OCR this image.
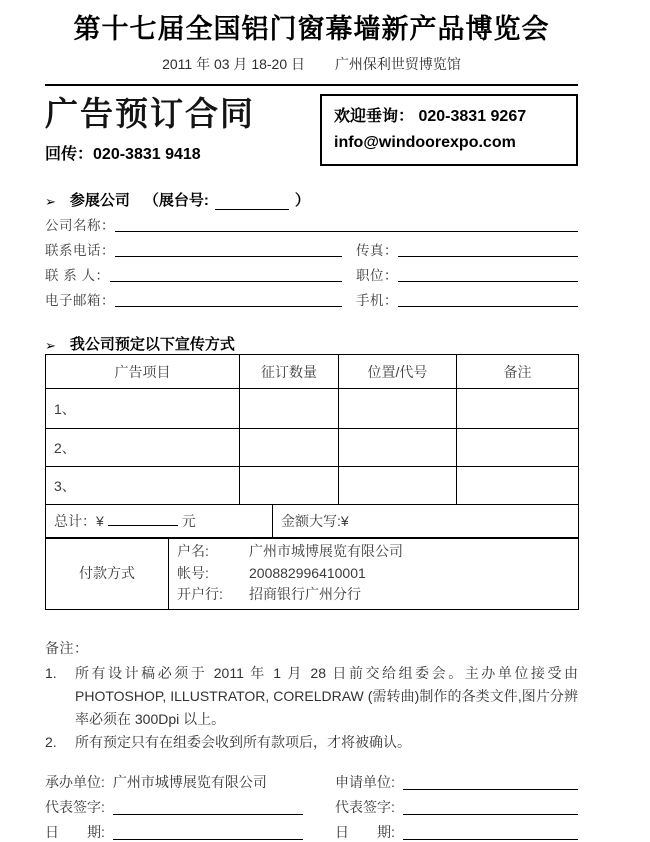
第十七届全国铝门窗幕墙新产品博览会
2011 年 03 月 18-20 日 广州保利世贸博览馆
广告预订合同
回传：020-3831 9418
欢迎垂询： 020-3831 9267
info@windoorexpo.com
➢ 参展公司 （展台号:	）
公司名称：
联系电话：	传真：
联 系 人：	职位：
电子邮箱：	手机：
➢ 我公司预定以下宣传方式
广告项目	征订数量	位置/代号	备注
1、			
2、			
3、			
总计：¥	元	金额大写:¥
付款方式	
户名:	广州市城博展览有限公司
帐号:	200882996410001
开户行: 招商银行广州分行
备注：
1.	所有设计稿必须于 2011 年 1 月 28 日前交给组委会。主办单位接受由 PHOTOSHOP, ILLUSTRATOR, CORELDRAW (需转曲)制作的各类文件,图片分辨率必须在 300Dpi 以上。
2.	所有预定只有在组委会收到所有款项后，才将被确认。
承办单位: 广州市城博展览有限公司
代表签字:
日　　期:
申请单位:
代表签字:
日　　期:
